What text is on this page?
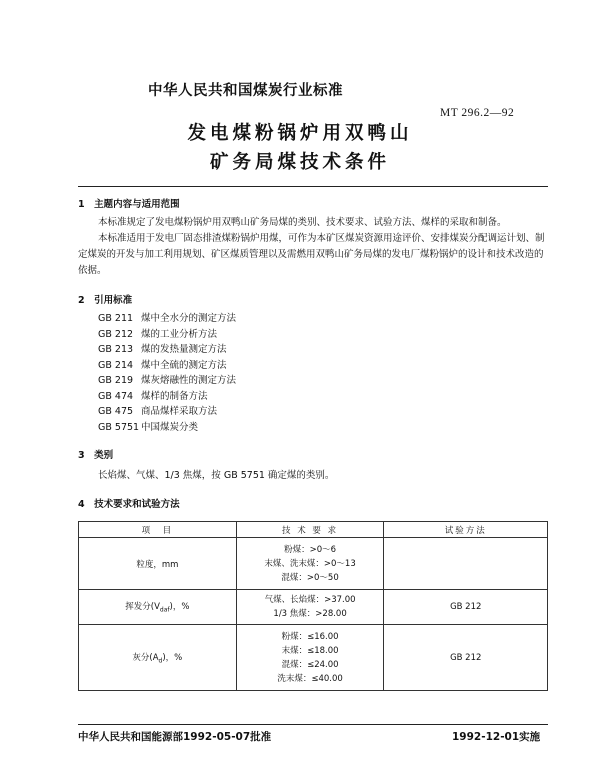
中华人民共和国煤炭行业标准
MT 296.2—92
发电煤粉锅炉用双鸭山
矿务局煤技术条件
1　主题内容与适用范围
本标准规定了发电煤粉锅炉用双鸭山矿务局煤的类别、技术要求、试验方法、煤样的采取和制备。
本标准适用于发电厂固态排渣煤粉锅炉用煤，可作为本矿区煤炭资源用途评价、安排煤炭分配调运计划、制定煤炭的开发与加工利用规划、矿区煤质管理以及需燃用双鸭山矿务局煤的发电厂煤粉锅炉的设计和技术改造的依据。
2　引用标准
GB 211 煤中全水分的测定方法
GB 212 煤的工业分析方法
GB 213 煤的发热量测定方法
GB 214 煤中全硫的测定方法
GB 219 煤灰熔融性的测定方法
GB 474 煤样的制备方法
GB 475 商品煤样采取方法
GB 5751 中国煤炭分类
3　类别
长焰煤、气煤、1/3 焦煤，按 GB 5751 确定煤的类别。
4　技术要求和试验方法
项　目	技 术 要 求	试验方法
粒度，mm	粉煤：>0～6
末煤、洗末煤：>0～13
混煤：>0～50	

挥发分$(V_{daf})$，%	气煤、长焰煤：>37.00
1/3 焦煤：>28.00	GB 212
灰分$(A_d)$，%	粉煤：≤16.00
末煤：≤18.00
混煤：≤24.00
洗末煤：≤40.00	GB 212
中华人民共和国能源部1992-05-07批准	1992-12-01实施
